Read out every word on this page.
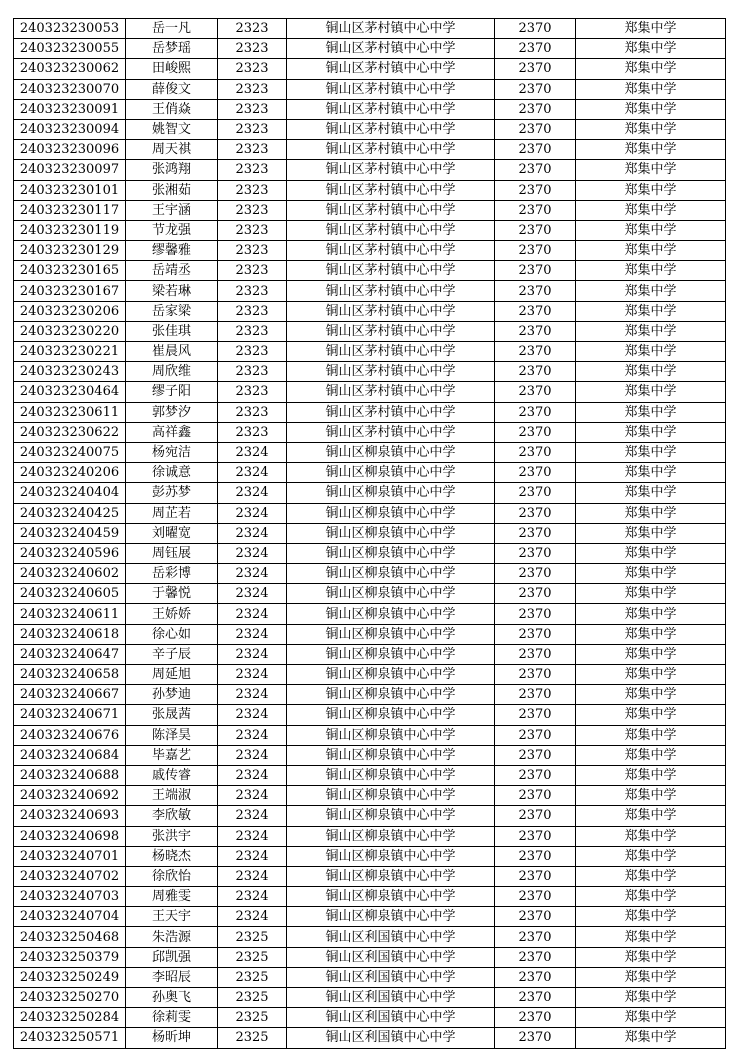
240323230053	岳一凡	2323	铜山区茅村镇中心中学	2370	郑集中学
240323230055	岳梦瑶	2323	铜山区茅村镇中心中学	2370	郑集中学
240323230062	田峻熙	2323	铜山区茅村镇中心中学	2370	郑集中学
240323230070	薛俊文	2323	铜山区茅村镇中心中学	2370	郑集中学
240323230091	王俏焱	2323	铜山区茅村镇中心中学	2370	郑集中学
240323230094	姚智文	2323	铜山区茅村镇中心中学	2370	郑集中学
240323230096	周天祺	2323	铜山区茅村镇中心中学	2370	郑集中学
240323230097	张鸿翔	2323	铜山区茅村镇中心中学	2370	郑集中学
240323230101	张湘茹	2323	铜山区茅村镇中心中学	2370	郑集中学
240323230117	王宇涵	2323	铜山区茅村镇中心中学	2370	郑集中学
240323230119	节龙强	2323	铜山区茅村镇中心中学	2370	郑集中学
240323230129	缪馨雅	2323	铜山区茅村镇中心中学	2370	郑集中学
240323230165	岳靖丞	2323	铜山区茅村镇中心中学	2370	郑集中学
240323230167	梁若琳	2323	铜山区茅村镇中心中学	2370	郑集中学
240323230206	岳家梁	2323	铜山区茅村镇中心中学	2370	郑集中学
240323230220	张佳琪	2323	铜山区茅村镇中心中学	2370	郑集中学
240323230221	崔晨风	2323	铜山区茅村镇中心中学	2370	郑集中学
240323230243	周欣维	2323	铜山区茅村镇中心中学	2370	郑集中学
240323230464	缪子阳	2323	铜山区茅村镇中心中学	2370	郑集中学
240323230611	郭梦汐	2323	铜山区茅村镇中心中学	2370	郑集中学
240323230622	高祥鑫	2323	铜山区茅村镇中心中学	2370	郑集中学
240323240075	杨宛洁	2324	铜山区柳泉镇中心中学	2370	郑集中学
240323240206	徐诚意	2324	铜山区柳泉镇中心中学	2370	郑集中学
240323240404	彭苏梦	2324	铜山区柳泉镇中心中学	2370	郑集中学
240323240425	周芷若	2324	铜山区柳泉镇中心中学	2370	郑集中学
240323240459	刘曜宽	2324	铜山区柳泉镇中心中学	2370	郑集中学
240323240596	周钰展	2324	铜山区柳泉镇中心中学	2370	郑集中学
240323240602	岳彩博	2324	铜山区柳泉镇中心中学	2370	郑集中学
240323240605	于馨悦	2324	铜山区柳泉镇中心中学	2370	郑集中学
240323240611	王娇娇	2324	铜山区柳泉镇中心中学	2370	郑集中学
240323240618	徐心如	2324	铜山区柳泉镇中心中学	2370	郑集中学
240323240647	辛子辰	2324	铜山区柳泉镇中心中学	2370	郑集中学
240323240658	周延旭	2324	铜山区柳泉镇中心中学	2370	郑集中学
240323240667	孙梦迪	2324	铜山区柳泉镇中心中学	2370	郑集中学
240323240671	张晟茜	2324	铜山区柳泉镇中心中学	2370	郑集中学
240323240676	陈泽昊	2324	铜山区柳泉镇中心中学	2370	郑集中学
240323240684	毕嘉艺	2324	铜山区柳泉镇中心中学	2370	郑集中学
240323240688	戚传睿	2324	铜山区柳泉镇中心中学	2370	郑集中学
240323240692	王端淑	2324	铜山区柳泉镇中心中学	2370	郑集中学
240323240693	李欣敏	2324	铜山区柳泉镇中心中学	2370	郑集中学
240323240698	张洪宇	2324	铜山区柳泉镇中心中学	2370	郑集中学
240323240701	杨晓杰	2324	铜山区柳泉镇中心中学	2370	郑集中学
240323240702	徐欣怡	2324	铜山区柳泉镇中心中学	2370	郑集中学
240323240703	周雅雯	2324	铜山区柳泉镇中心中学	2370	郑集中学
240323240704	王天宇	2324	铜山区柳泉镇中心中学	2370	郑集中学
240323250468	朱浩源	2325	铜山区利国镇中心中学	2370	郑集中学
240323250379	邱凯强	2325	铜山区利国镇中心中学	2370	郑集中学
240323250249	李昭辰	2325	铜山区利国镇中心中学	2370	郑集中学
240323250270	孙奥飞	2325	铜山区利国镇中心中学	2370	郑集中学
240323250284	徐莉雯	2325	铜山区利国镇中心中学	2370	郑集中学
240323250571	杨昕坤	2325	铜山区利国镇中心中学	2370	郑集中学
